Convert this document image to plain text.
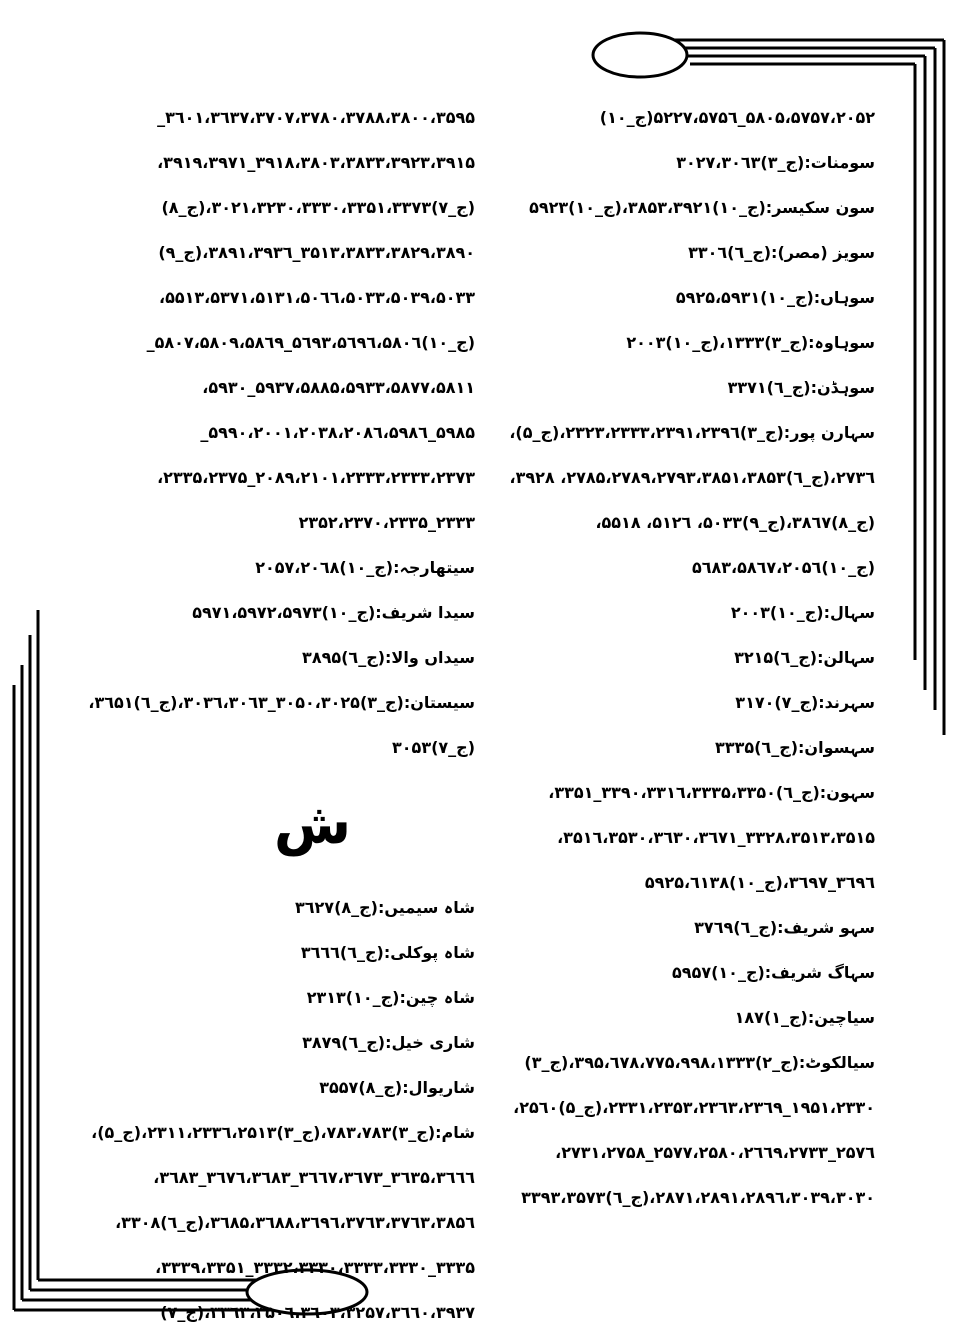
٢٠۵٢،۵٨٠۵،۵٧۵٧_۵٧۵٦،۵٢٢٧(ج_١٠)
سومنات:(ج_٣)٣٠٢٧،٣٠٦٣
سون سکیسر:(ج_١٠)٣٨۵٣،٣٩٢١،(ج_١٠)۵٩٢٣
سویز (مصر):(ج_٦)٣٣٠٦
سوہاں:(ج_١٠)۵٩٢۵،۵٩٣١
سوہاوہ:(ج_٣)١٣٣٣،(ج_١٠)٢٠٠٣
سوہڈن:(ج_٦)٣٣٧١
سہارن پور:(ج_٣)٢٣٢٣،٢٣٣٣،٢٣٩١،٢٣٩٦،(ج_۵)، ٢٧٣٦،(ج_٦)٢٧٨۵،٢٧٨٩،٢٧٩٣،٣٨۵١،٣٨۵٣، ٣٩٢٨،(ج_٨)٣٨٦٧،(ج_٩)۵٠٣٣، ۵١٢٦، ۵۵١٨،(ج_١٠)۵٦٨٣،۵٨٦٧،٢٠۵٦
سہال:(ج_١٠)٢٠٠٣
سہالن:(ج_٦)٣٢١۵
سہرند:(ج_٧)٣١٧٠
سہسوان:(ج_٦)٣٣٣۵
سہون:(ج_٦)٣٣٩٠،٣٣١٦،٣٣٣۵،٣٣۵٠_٣٣۵١، ٣٣٢٨،٣۵١٣،٣۵١۵_٣۵١٦،٣۵٣٠،٣٦٣٠،٣٦٧١، ٣٦٩٦_٣٦٩٧،(ج_١٠)۵٩٢۵،٦١٣٨
سہو شریف:(ج_٦)٣٧٦٩
سہاگ شریف:(ج_١٠)۵٩۵٧
سیاچین:(ج_١)١٨٧
سیالکوٹ:(ج_٢)٣٩۵،٦٧٨،٧٧۵،٩٩٨،١٣٣٣،(ج_٣) ١٩۵١،٢٣٣٠_٢٣٣١،٢٣۵٣،٢٣٦٣،٢٣٦٩،(ج_۵)٢۵٦٠، ٢۵٧٦_٢۵٧٧،٢۵٨٠،٢٦٦٩،٢٧٣٣_٢٧٣١،٢٧۵٨، ٢٨٧١،٢٨٩١،٢٨٩٦،٣٠٣٩،٣٠٣٠،(ج_٦)٣٣٩٣،٣۵٧٣
٣۵٩۵،٣٦٠١،٣٦٣٧،٣٧٠٧،٣٧٨٠،٣٧٨٨،٣٨٠٠_
٣٨٠٣،٣٨٣٣،٣٩٢٣،٣٩١۵،٣٩١٨_٣٩١٩،٣٩٧١،
(ج_٧)٣٠٢١،٣٢٣٠،٣٣٣٠،٣٣۵١،٣٣٧٣،(ج_٨)
٣۵١٣،٣٨٣٣،٣٨٢٩،٣٨٩٠_٣٨٩١،٣٩٣٦،(ج_٩)
۵٠٣٣،۵٠٣٩،۵٠٣٣،۵٠٦٦،۵١٣١،۵٣٧١،۵۵١٣،
(ج_١٠)۵٦٩٣،۵٦٩٦،۵٨٠٦_۵٨٠٧،۵٨٠٩،۵٨٦٩_
۵٨١١،۵٨٧٧،۵٨٨۵،۵٩٣٣،۵٩٣٧_۵٩٣٠،
۵٩٨۵_۵٩٨٦،۵٩٩٠،٢٠٠١،٢٠٣٨،٢٠٨٦_
٢٠٨٩،٢١٠١،٢٣٣٣،٢٣٣٣،٢٣٧٣_٢٣٧۵،٢٣٣۵،
٢٣٣٣_٢٣٣۵،٢٣۵٢،٢٣٧٠
سیتھارجہ:(ج_١٠)٢٠۵٧،٢٠٦٨
سیدا شریف:(ج_١٠)۵٩٧١،۵٩٧٢،۵٩٧٣
سیداں والا:(ج_٦)٣٨٩۵
سیستان:(ج_٣)٣٠۵٠،٣٠٢۵_٣٠٣٦،٣٠٦٣،(ج_٦)٣٦۵١،
(ج_٧)٣٠۵٣
ش
شاہ سیمیں:(ج_٨)٣٦٢٧
شاہ پوکلی:(ج_٦)٣٦٦٦
شاہ چین:(ج_١٠)٢٣١٣
شاری خیل:(ج_٦)٣٨٧٩
شاریوال:(ج_٨)٣۵۵٧
شام:(ج_٣)٧٨٣،٧٨٣،(ج_٣)٢٣١١،٢٣٣٦،٢۵١٣،(ج_۵)، ٣٦٣۵،٣٦٦٦_٣٦٦٧،٣٦٧٣_٣٦٧٦،٣٦٨٣_٣٦٨٣، ٣٦٨۵،٣٦٨٨،٣٦٩٦،٣٧٦٣،٣٧٦٣،٣٨۵٦،(ج_٦)٣٣٠٨، ٣٣٣۵_٣٣٣٢،٣٣٣٠،٣٣٣٣،٣٣٣٠_٣٣٣٩،٣٣۵١، ٣٣٦٣،٣۵٠٦،٣٦٠٣،٣٢۵٧،٣٦٦٠،٣٩٣٧،(ج_٧)
